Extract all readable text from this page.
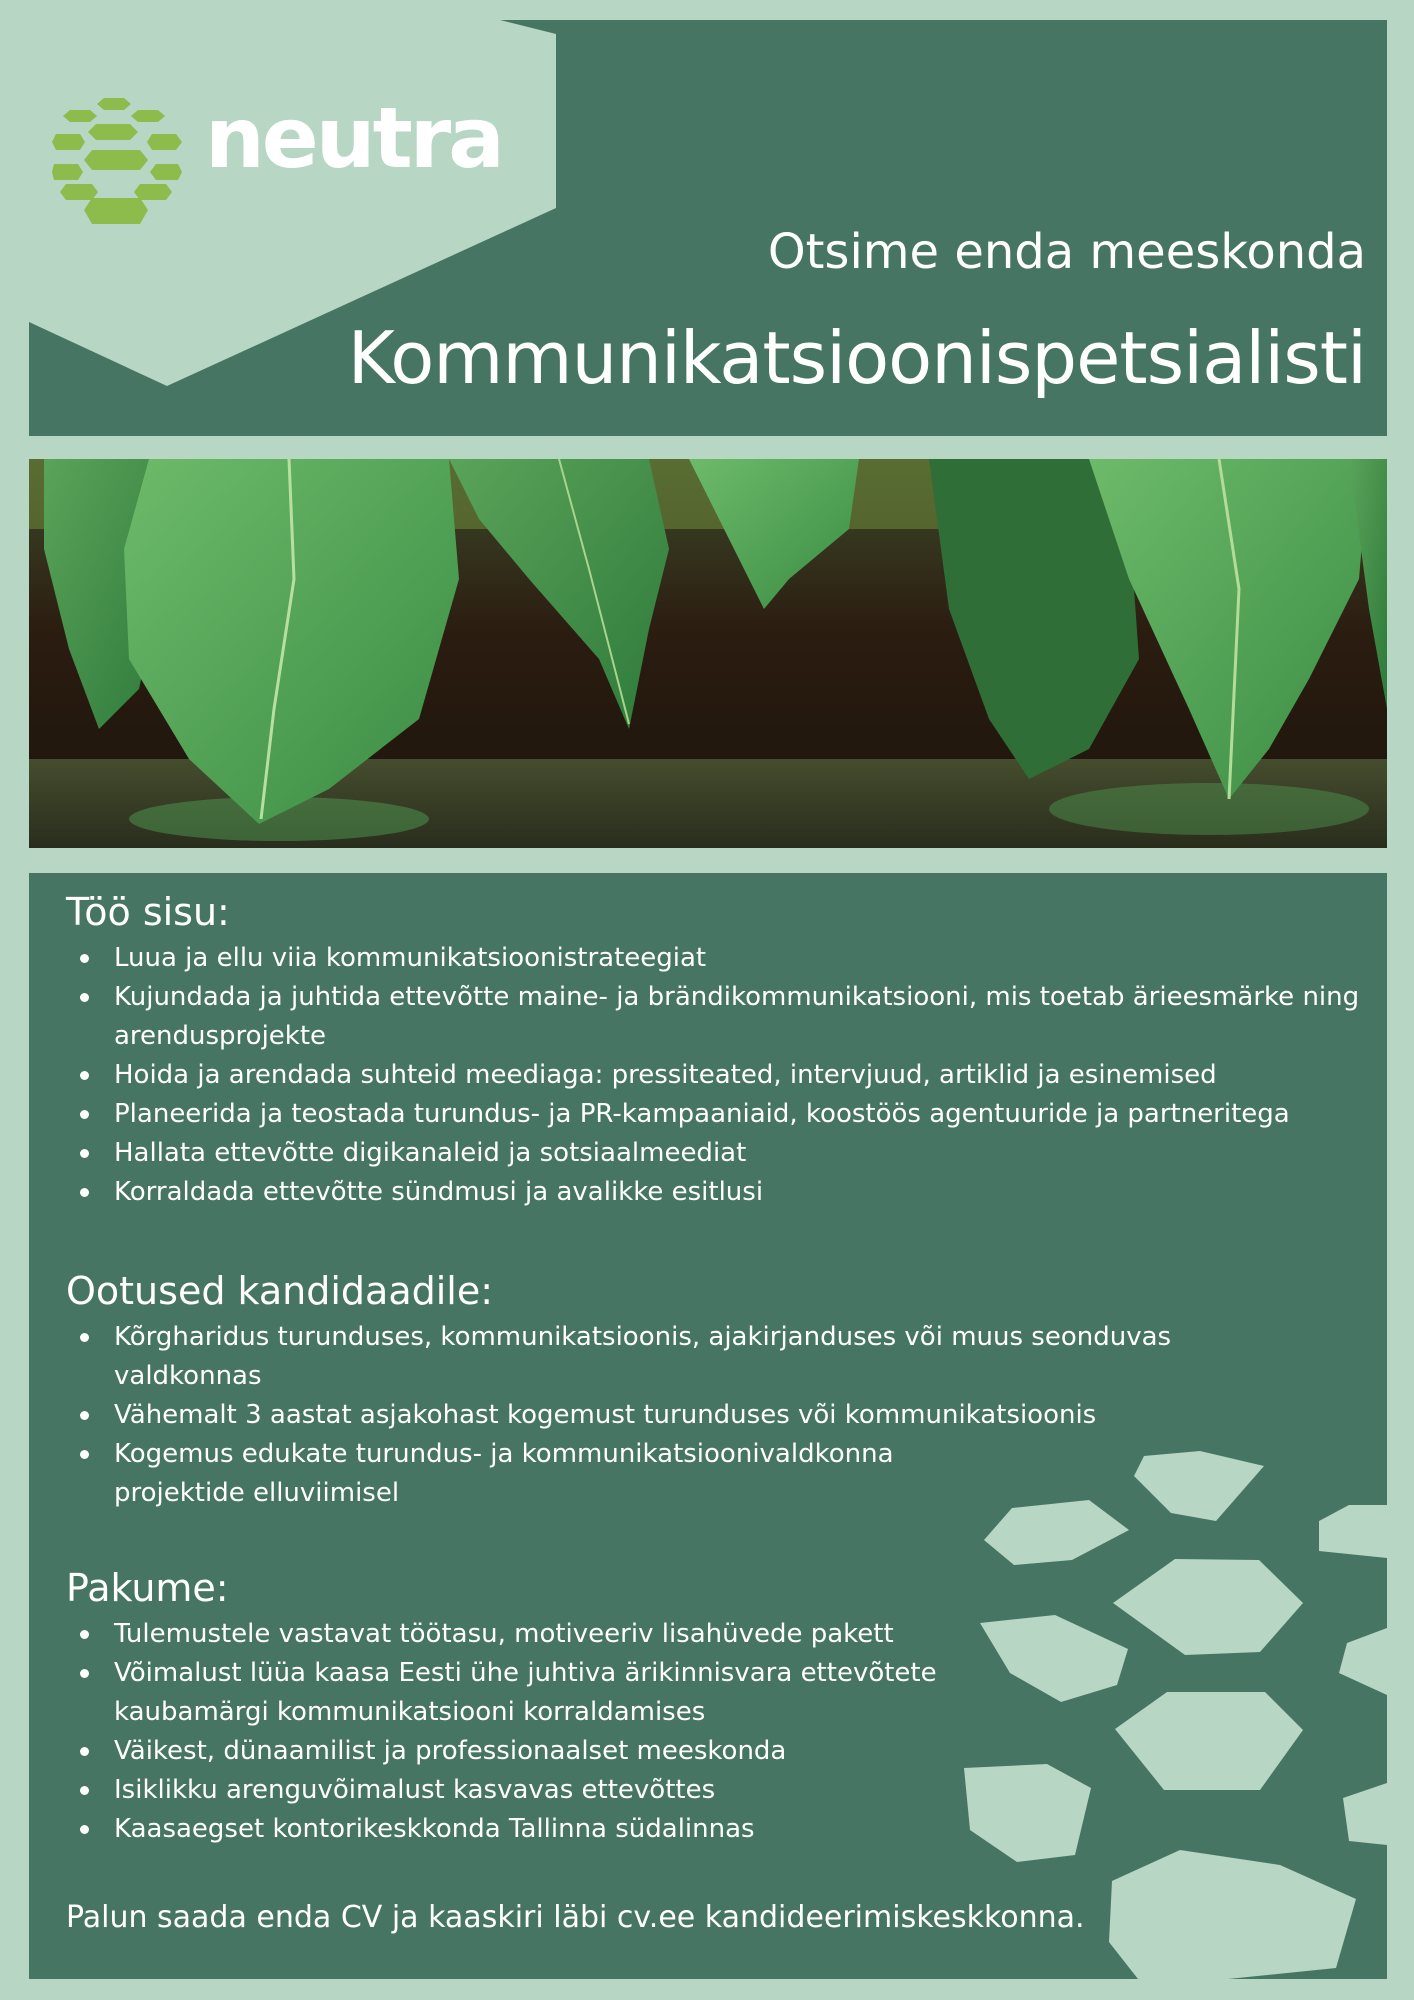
neutra
Otsime enda meeskonda
Kommunikatsioonispetsialisti
Töö sisu:
Luua ja ellu viia kommunikatsioonistrateegiat
Kujundada ja juhtida ettevõtte maine- ja brändikommunikatsiooni, mis toetab ärieesmärke ning arendusprojekte
Hoida ja arendada suhteid meediaga: pressiteated, intervjuud, artiklid ja esinemised
Planeerida ja teostada turundus- ja PR-kampaaniaid, koostöös agentuuride ja partneritega
Hallata ettevõtte digikanaleid ja sotsiaalmeediat
Korraldada ettevõtte sündmusi ja avalikke esitlusi
Ootused kandidaadile:
Kõrgharidus turunduses, kommunikatsioonis, ajakirjanduses või muus seonduvas valdkonnas
Vähemalt 3 aastat asjakohast kogemust turunduses või kommunikatsioonis
Kogemus edukate turundus- ja kommunikatsioonivaldkonna projektide elluviimisel
Pakume:
Tulemustele vastavat töötasu, motiveeriv lisahüvede pakett
Võimalust lüüa kaasa Eesti ühe juhtiva ärikinnisvara ettevõtete kaubamärgi kommunikatsiooni korraldamises
Väikest, dünaamilist ja professionaalset meeskonda
Isiklikku arenguvõimalust kasvavas ettevõttes
Kaasaegset kontorikeskkonda Tallinna südalinnas

Palun saada enda CV ja kaaskiri läbi cv.ee kandideerimiskeskkonna.
